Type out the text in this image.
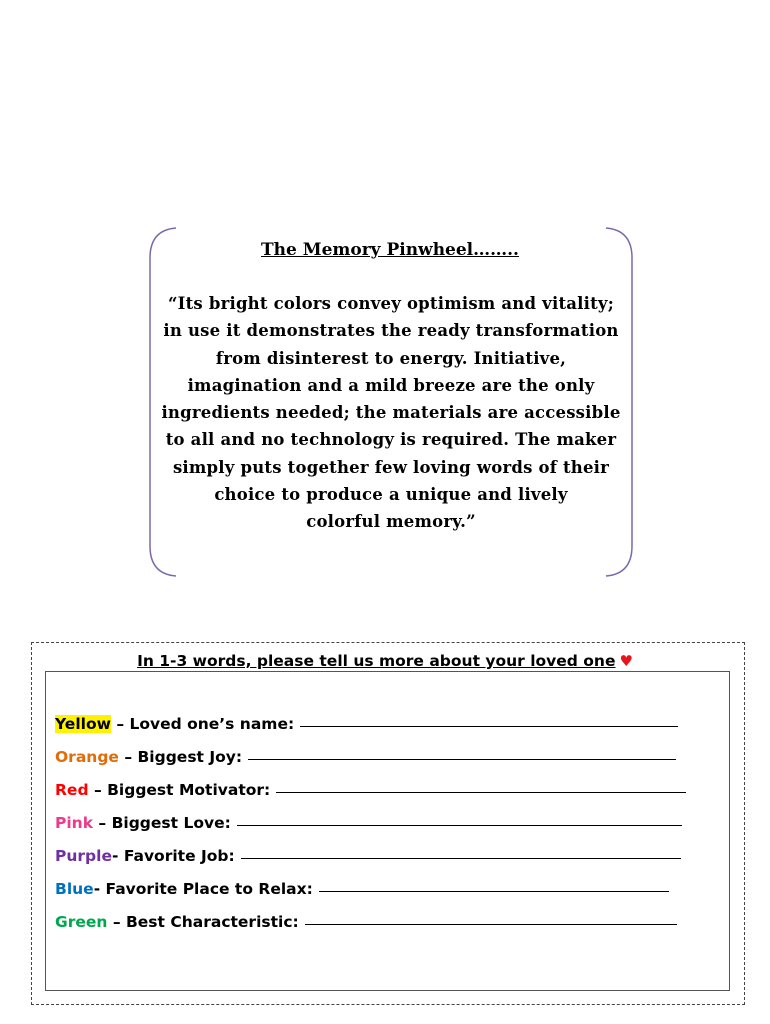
The Memory Pinwheel……..

“Its bright colors convey optimism and vitality;
in use it demonstrates the ready transformation
from disinterest to energy. Initiative,
imagination and a mild breeze are the only
ingredients needed; the materials are accessible
to all and no technology is required. The maker
simply puts together few loving words of their
choice to produce a unique and lively
colorful memory.”

In 1-3 words, please tell us more about your loved one ♥

Yellow – Loved one’s name:
Orange – Biggest Joy:
Red – Biggest Motivator:
Pink – Biggest Love:
Purple - Favorite Job:
Blue - Favorite Place to Relax:
Green – Best Characteristic:
